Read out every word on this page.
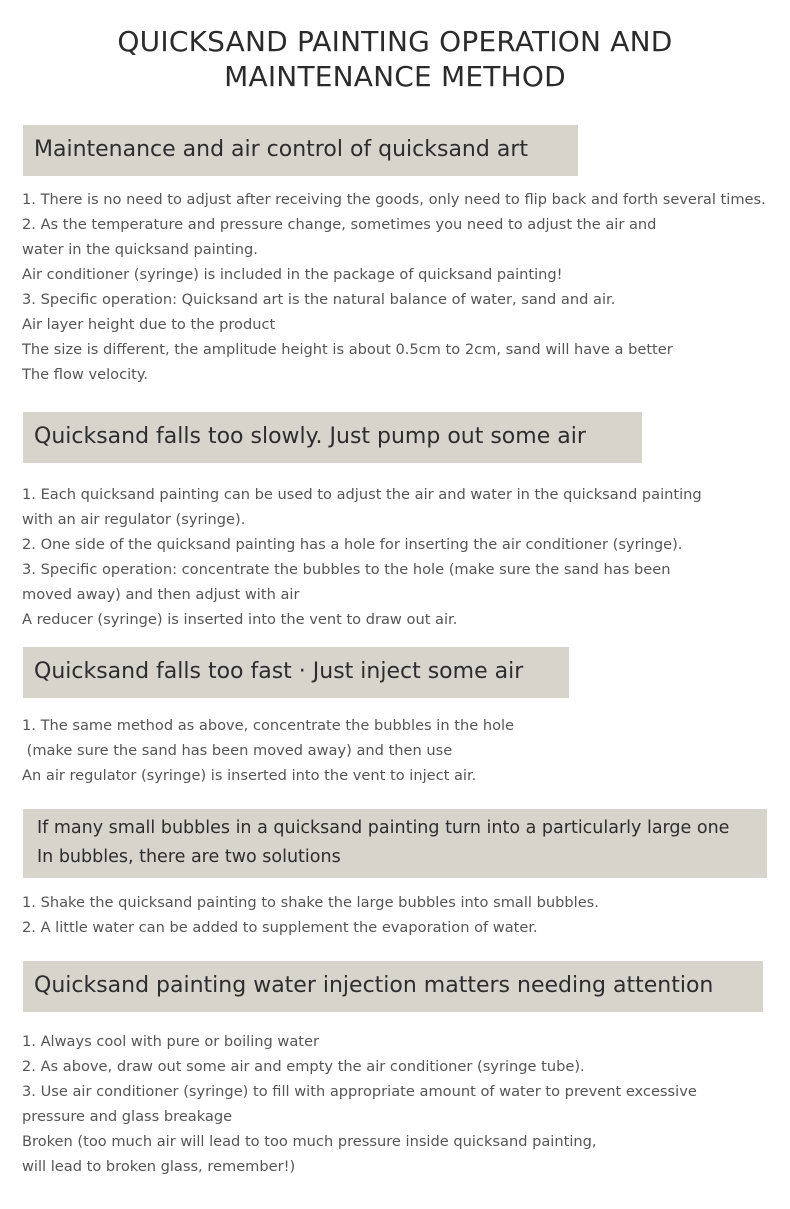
QUICKSAND PAINTING OPERATION AND
MAINTENANCE METHOD
Maintenance and air control of quicksand art
1. There is no need to adjust after receiving the goods, only need to flip back and forth several times.
2. As the temperature and pressure change, sometimes you need to adjust the air and
water in the quicksand painting.
Air conditioner (syringe) is included in the package of quicksand painting!
3. Specific operation: Quicksand art is the natural balance of water, sand and air.
Air layer height due to the product
The size is different, the amplitude height is about 0.5cm to 2cm, sand will have a better
The flow velocity.
Quicksand falls too slowly. Just pump out some air
1. Each quicksand painting can be used to adjust the air and water in the quicksand painting
with an air regulator (syringe).
2. One side of the quicksand painting has a hole for inserting the air conditioner (syringe).
3. Specific operation: concentrate the bubbles to the hole (make sure the sand has been
moved away) and then adjust with air
A reducer (syringe) is inserted into the vent to draw out air.
Quicksand falls too fast · Just inject some air
1. The same method as above, concentrate the bubbles in the hole
(make sure the sand has been moved away) and then use
An air regulator (syringe) is inserted into the vent to inject air.
If many small bubbles in a quicksand painting turn into a particularly large one
In bubbles, there are two solutions
1. Shake the quicksand painting to shake the large bubbles into small bubbles.
2. A little water can be added to supplement the evaporation of water.
Quicksand painting water injection matters needing attention
1. Always cool with pure or boiling water
2. As above, draw out some air and empty the air conditioner (syringe tube).
3. Use air conditioner (syringe) to fill with appropriate amount of water to prevent excessive
pressure and glass breakage
Broken (too much air will lead to too much pressure inside quicksand painting,
will lead to broken glass, remember!)
